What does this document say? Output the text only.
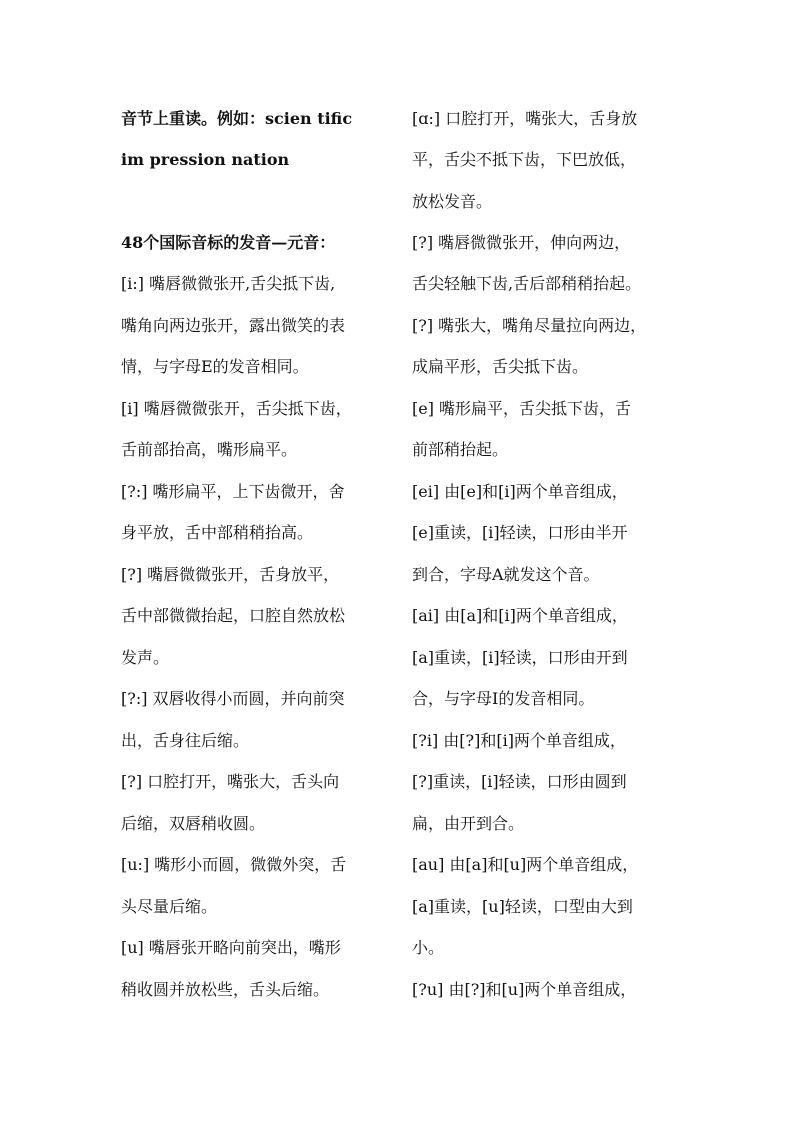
音节上重读。例如：scien tific
im pression nation
48个国际音标的发音—元音：
[i:] 嘴唇微微张开,舌尖抵下齿,
嘴角向两边张开，露出微笑的表
情，与字母E的发音相同。
[i] 嘴唇微微张开，舌尖抵下齿，
舌前部抬高，嘴形扁平。
[?:] 嘴形扁平，上下齿微开，舍
身平放，舌中部稍稍抬高。
[?] 嘴唇微微张开，舌身放平，
舌中部微微抬起，口腔自然放松
发声。
[?:] 双唇收得小而圆，并向前突
出，舌身往后缩。
[?] 口腔打开，嘴张大，舌头向
后缩，双唇稍收圆。
[u:] 嘴形小而圆，微微外突，舌
头尽量后缩。
[u] 嘴唇张开略向前突出，嘴形
稍收圆并放松些，舌头后缩。
[ɑ:] 口腔打开，嘴张大，舌身放
平，舌尖不抵下齿，下巴放低，
放松发音。
[?] 嘴唇微微张开，伸向两边，
舌尖轻触下齿,舌后部稍稍抬起。
[?] 嘴张大，嘴角尽量拉向两边，
成扁平形，舌尖抵下齿。
[e] 嘴形扁平，舌尖抵下齿，舌
前部稍抬起。
[ei] 由[e]和[i]两个单音组成，
[e]重读，[i]轻读，口形由半开
到合，字母A就发这个音。
[ai] 由[a]和[i]两个单音组成，
[a]重读，[i]轻读，口形由开到
合，与字母I的发音相同。
[?i] 由[?]和[i]两个单音组成，
[?]重读，[i]轻读，口形由圆到
扁，由开到合。
[au] 由[a]和[u]两个单音组成，
[a]重读，[u]轻读，口型由大到
小。
[?u] 由[?]和[u]两个单音组成，
